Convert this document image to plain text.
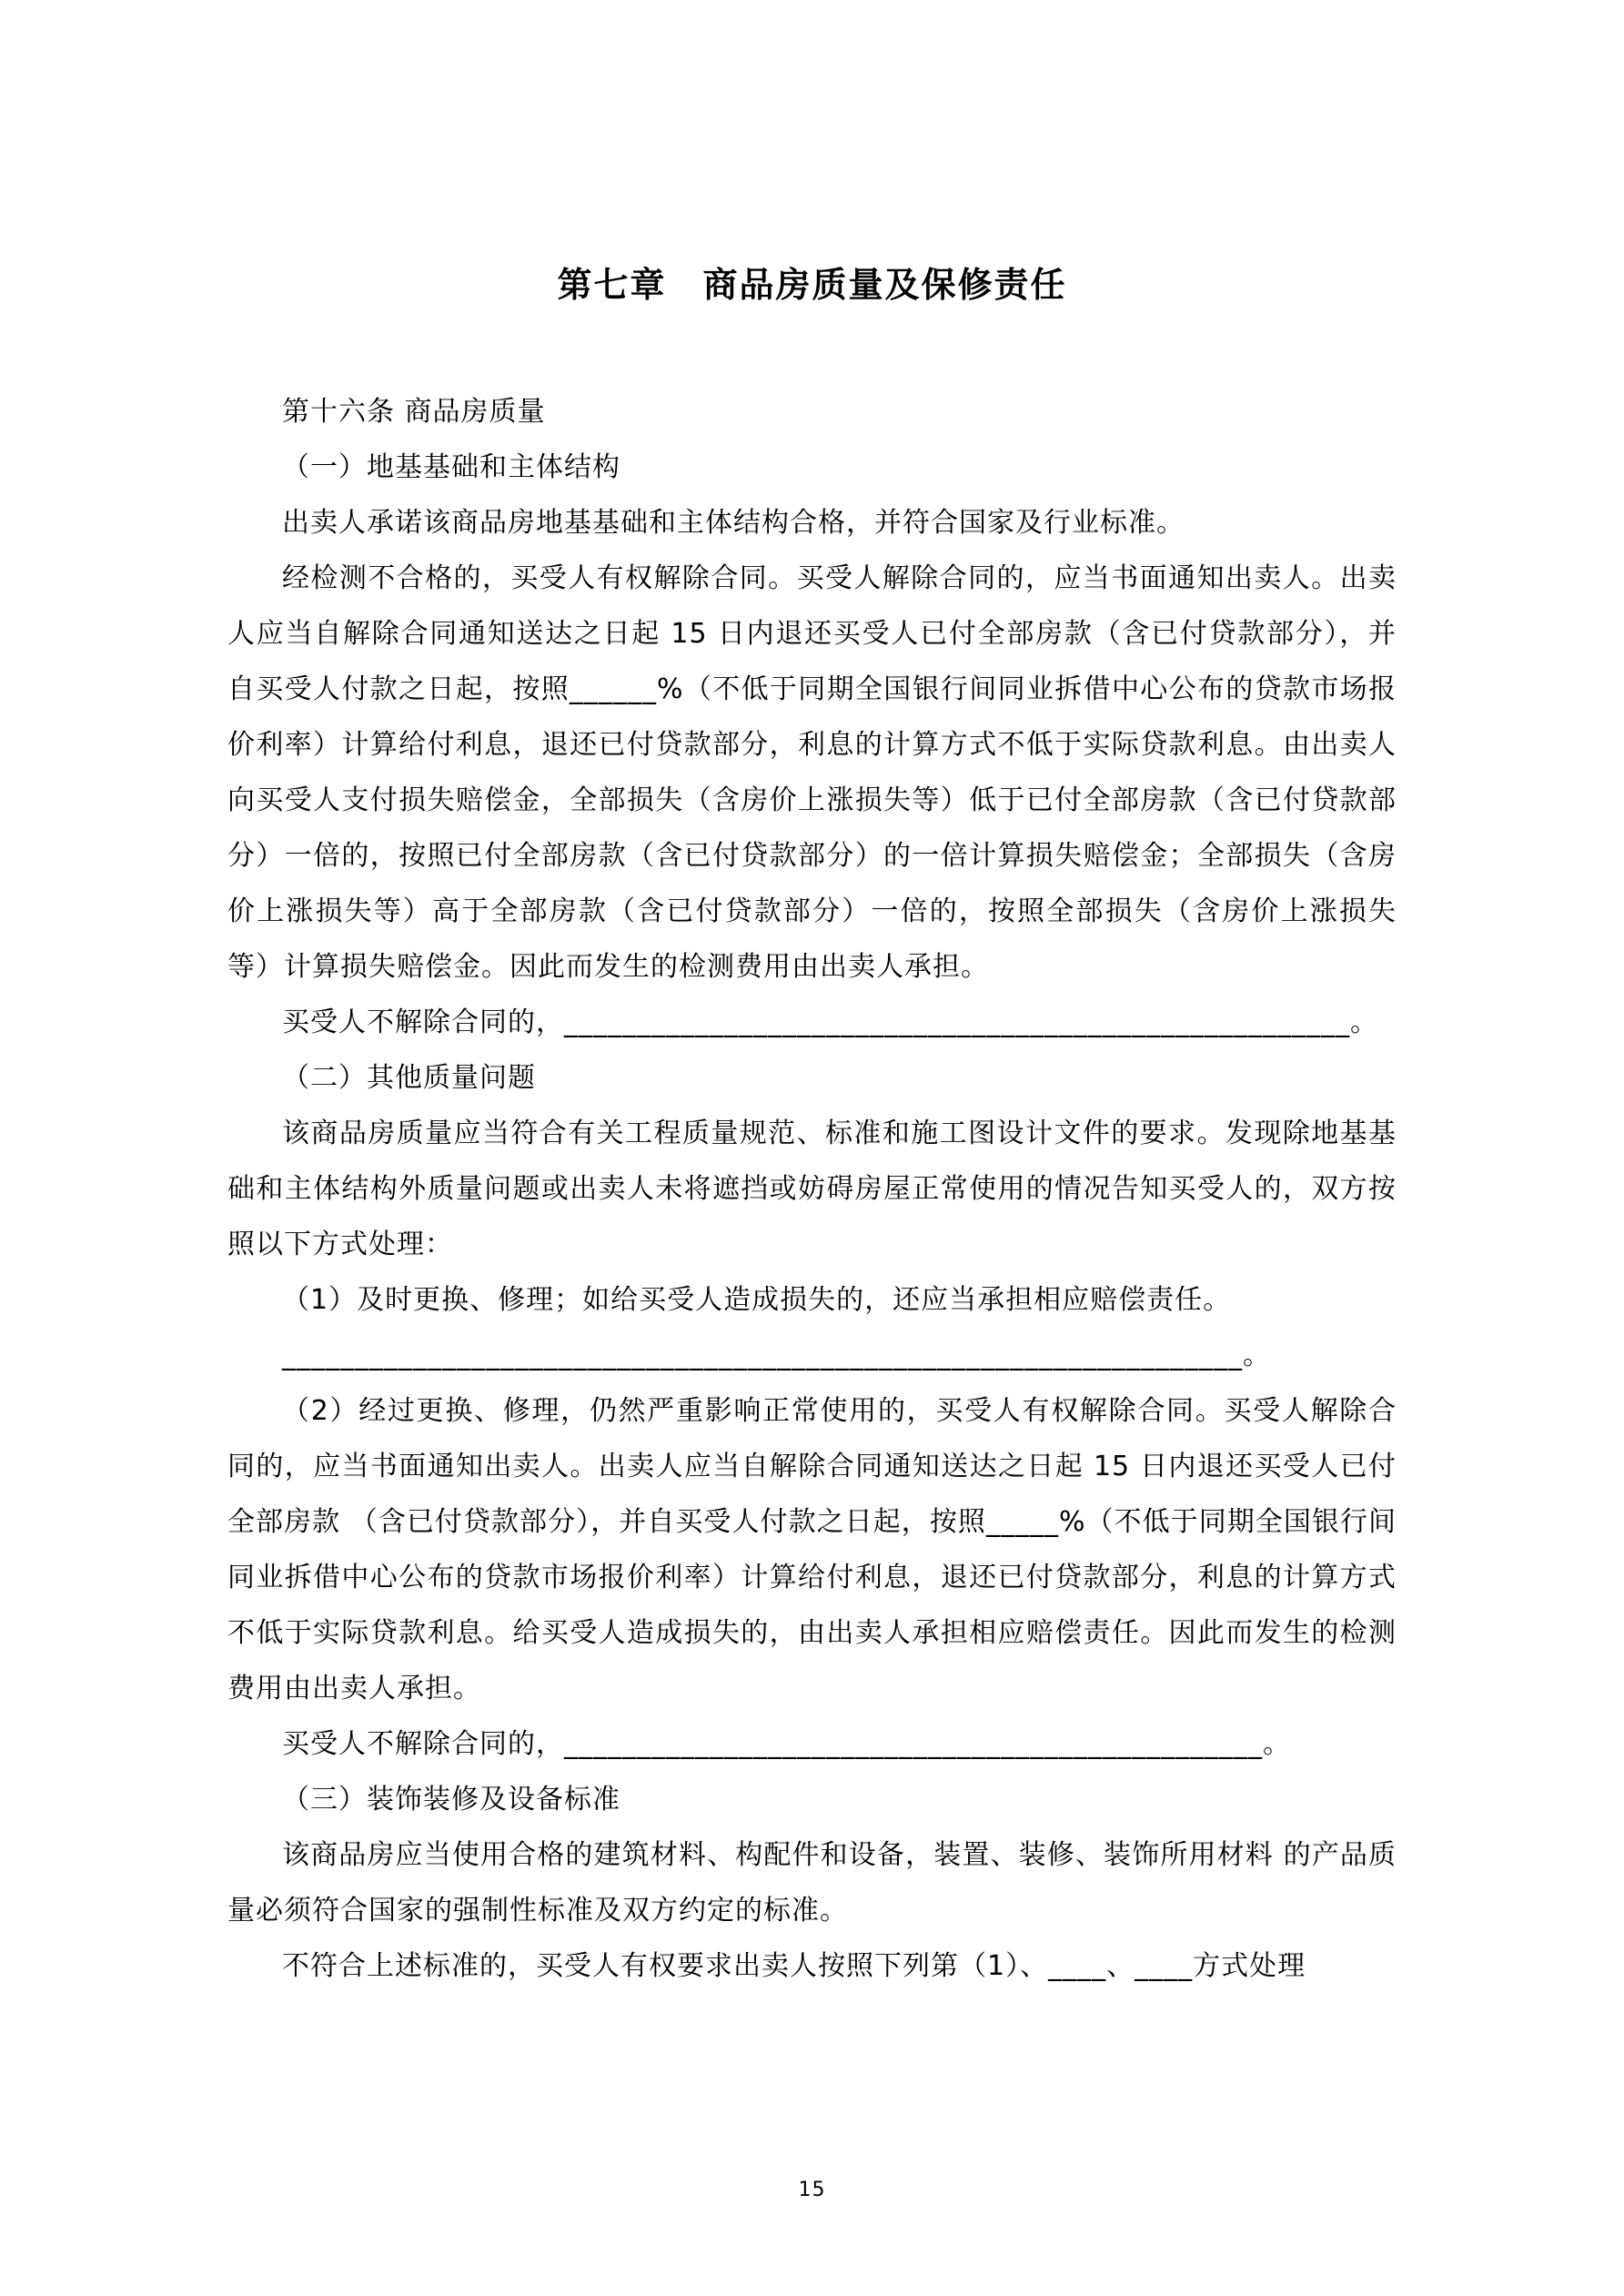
第七章　商品房质量及保修责任

第十六条 商品房质量

（一）地基基础和主体结构

出卖人承诺该商品房地基基础和主体结构合格，并符合国家及行业标准。

经检测不合格的，买受人有权解除合同。买受人解除合同的，应当书面通知出卖人。出卖人应当自解除合同通知送达之日起 15 日内退还买受人已付全部房款（含已付贷款部分），并自买受人付款之日起，按照______%（不低于同期全国银行间同业拆借中心公布的贷款市场报价利率）计算给付利息，退还已付贷款部分，利息的计算方式不低于实际贷款利息。由出卖人向买受人支付损失赔偿金，全部损失（含房价上涨损失等）低于已付全部房款（含已付贷款部分）一倍的，按照已付全部房款（含已付贷款部分）的一倍计算损失赔偿金；全部损失（含房价上涨损失等）高于全部房款（含已付贷款部分）一倍的，按照全部损失（含房价上涨损失等）计算损失赔偿金。因此而发生的检测费用由出卖人承担。

买受人不解除合同的，______________________________________________________。

（二）其他质量问题

该商品房质量应当符合有关工程质量规范、标准和施工图设计文件的要求。发现除地基基础和主体结构外质量问题或出卖人未将遮挡或妨碍房屋正常使用的情况告知买受人的，双方按照以下方式处理：

（1）及时更换、修理；如给买受人造成损失的，还应当承担相应赔偿责任。

__________________________________________________________________。

（2）经过更换、修理，仍然严重影响正常使用的，买受人有权解除合同。买受人解除合同的，应当书面通知出卖人。出卖人应当自解除合同通知送达之日起 15 日内退还买受人已付全部房款 （含已付贷款部分），并自买受人付款之日起，按照_____%（不低于同期全国银行间同业拆借中心公布的贷款市场报价利率）计算给付利息，退还已付贷款部分，利息的计算方式不低于实际贷款利息。给买受人造成损失的，由出卖人承担相应赔偿责任。因此而发生的检测费用由出卖人承担。

买受人不解除合同的，________________________________________________。

（三）装饰装修及设备标准

该商品房应当使用合格的建筑材料、构配件和设备，装置、装修、装饰所用材料 的产品质量必须符合国家的强制性标准及双方约定的标准。

不符合上述标准的，买受人有权要求出卖人按照下列第（1）、____、____方式处理

15
